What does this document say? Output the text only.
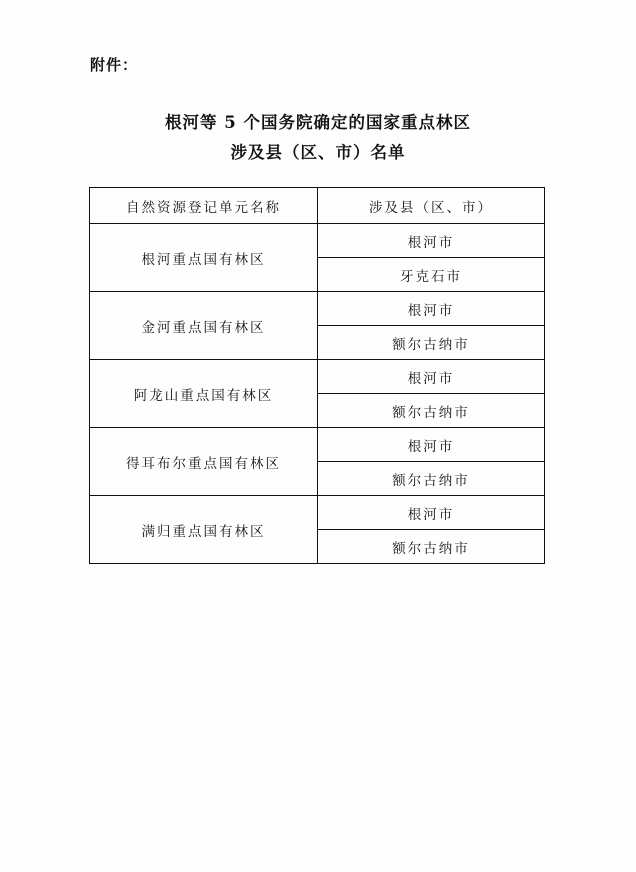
附件：
根河等 5 个国务院确定的国家重点林区
涉及县（区、市）名单
自然资源登记单元名称	涉及县（区、市）
根河重点国有林区	根河市
	牙克石市
金河重点国有林区	根河市
	额尔古纳市
阿龙山重点国有林区	根河市
	额尔古纳市
得耳布尔重点国有林区	根河市
	额尔古纳市
满归重点国有林区	根河市
	额尔古纳市
